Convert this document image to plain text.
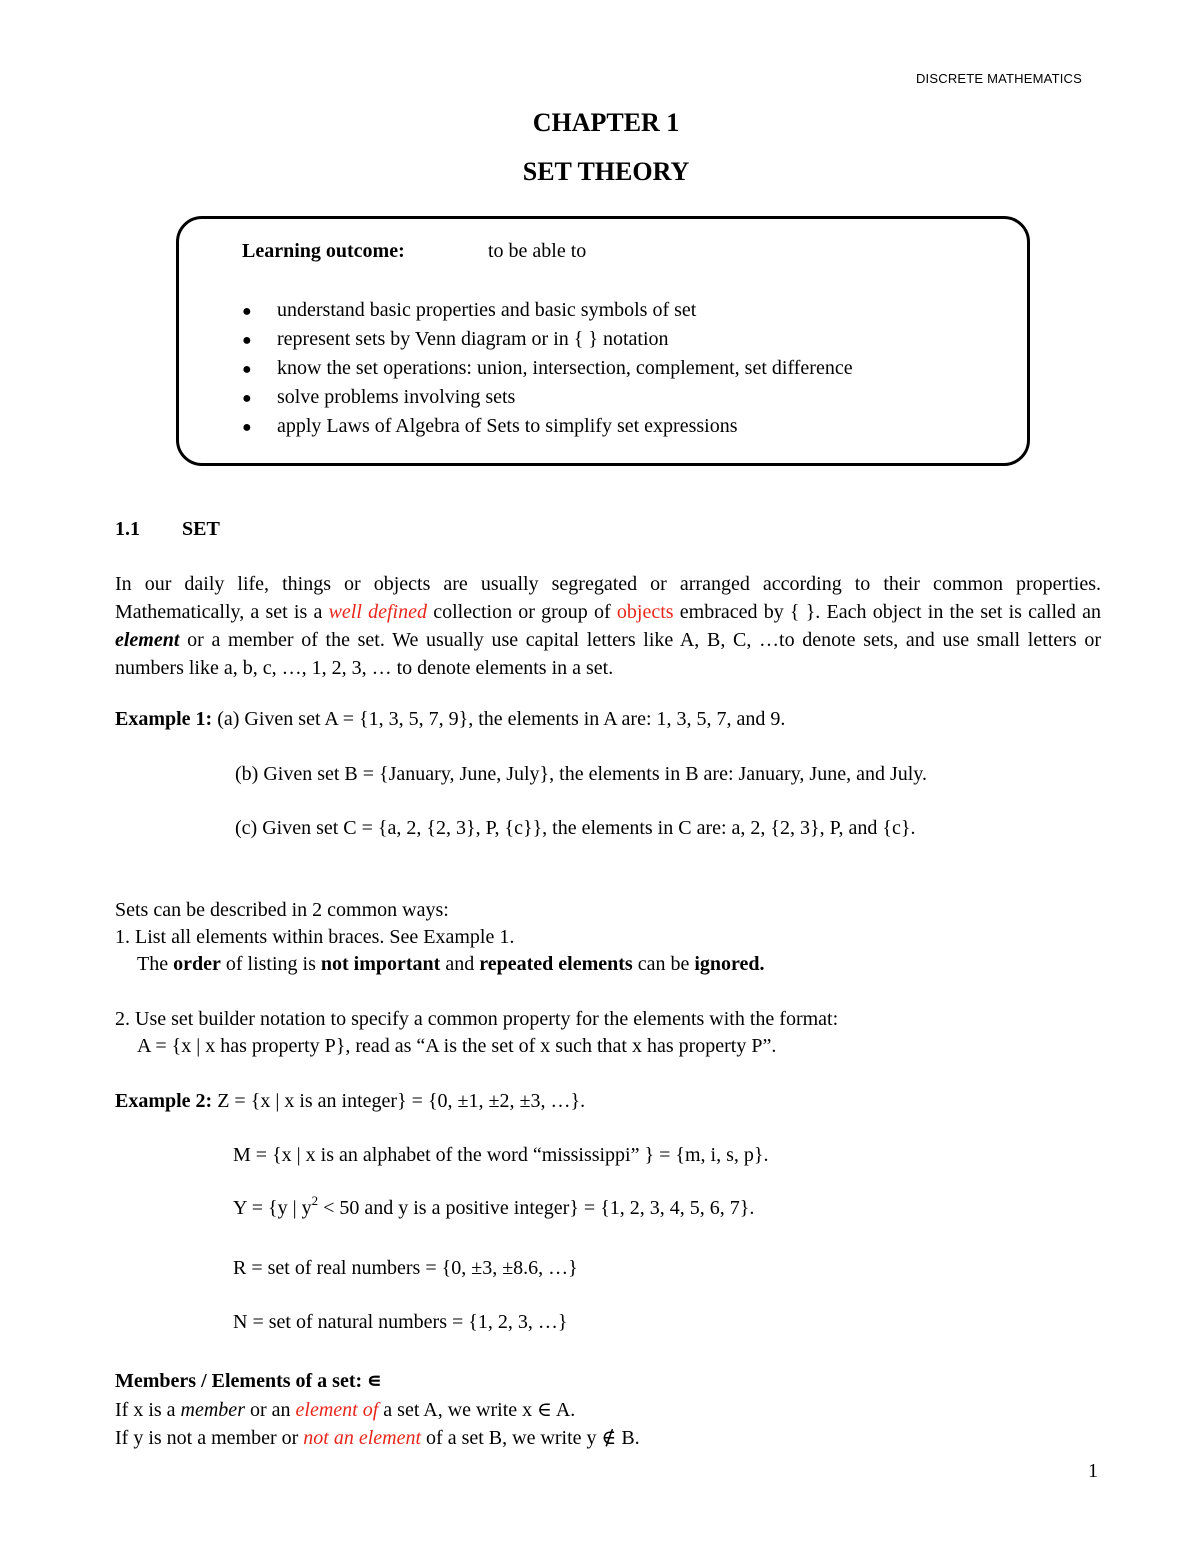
DISCRETE MATHEMATICS
CHAPTER 1
SET THEORY
Learning outcome:	to be able to
● understand basic properties and basic symbols of set
● represent sets by Venn diagram or in { } notation
● know the set operations: union, intersection, complement, set difference
● solve problems involving sets
● apply Laws of Algebra of Sets to simplify set expressions
1.1 SET
In our daily life, things or objects are usually segregated or arranged according to their common properties. Mathematically, a set is a well defined collection or group of objects embraced by { }. Each object in the set is called an element or a member of the set. We usually use capital letters like A, B, C, …to denote sets, and use small letters or numbers like a, b, c, …, 1, 2, 3, … to denote elements in a set.
Example 1: (a) Given set A = {1, 3, 5, 7, 9}, the elements in A are: 1, 3, 5, 7, and 9.
(b) Given set B = {January, June, July}, the elements in B are: January, June, and July.
(c) Given set C = {a, 2, {2, 3}, P, {c}}, the elements in C are: a, 2, {2, 3}, P, and {c}.
Sets can be described in 2 common ways:
1. List all elements within braces. See Example 1.
The order of listing is not important and repeated elements can be ignored.
2. Use set builder notation to specify a common property for the elements with the format:
A = {x | x has property P}, read as “A is the set of x such that x has property P”.
Example 2: Z = {x | x is an integer} = {0, ±1, ±2, ±3, …}.
M = {x | x is an alphabet of the word “mississippi” } = {m, i, s, p}.
Y = {y | $y^2 < 50$ and y is a positive integer} = {1, 2, 3, 4, 5, 6, 7}.
R = set of real numbers = {0, ±3, ±8.6, …}
N = set of natural numbers = {1, 2, 3, …}
Members / Elements of a set: ∊
If x is a member or an element of a set A, we write x ∈ A.
If y is not a member or not an element of a set B, we write y ∉ B.
1
